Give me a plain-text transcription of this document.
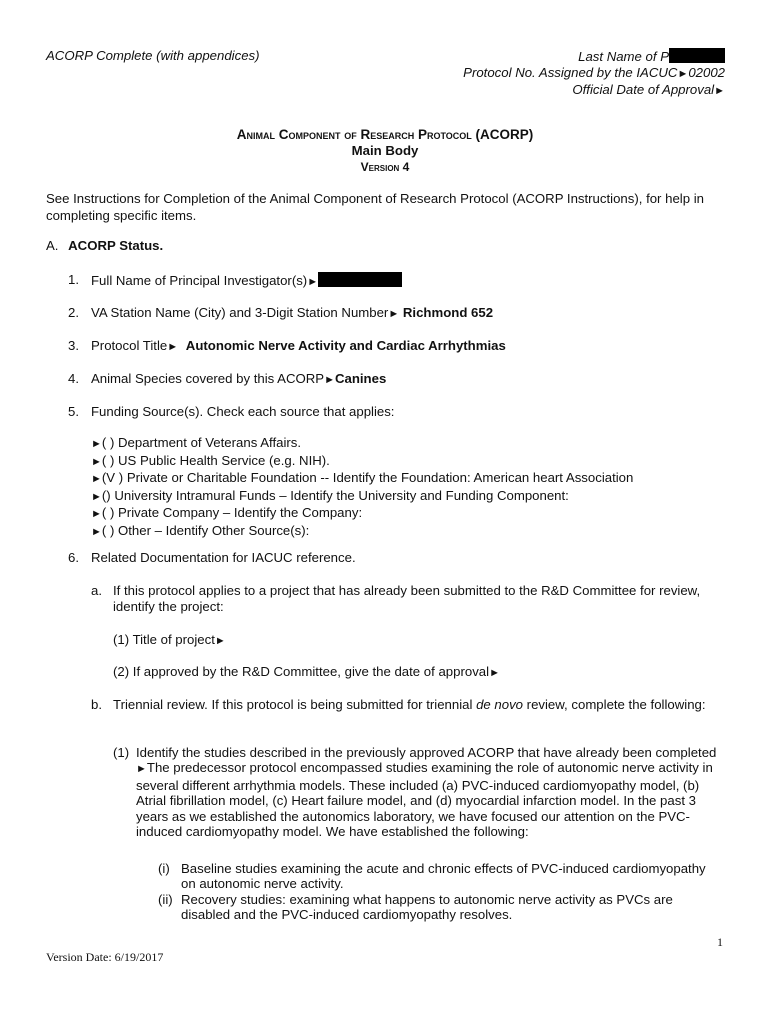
ACORP Complete (with appendices)	Last Name of P
Protocol No. Assigned by the IACUC►02002
Official Date of Approval►
Animal Component of Research Protocol (ACORP)
Main Body
Version 4
See Instructions for Completion of the Animal Component of Research Protocol (ACORP Instructions), for help in completing specific items.
A. ACORP Status.
1. Full Name of Principal Investigator(s)►
2. VA Station Name (City) and 3-Digit Station Number► Richmond 652
3. Protocol Title► Autonomic Nerve Activity and Cardiac Arrhythmias
4. Animal Species covered by this ACORP►Canines
5. Funding Source(s). Check each source that applies:
►( ) Department of Veterans Affairs.
►( ) US Public Health Service (e.g. NIH).
►(V ) Private or Charitable Foundation -- Identify the Foundation: American heart Association
►() University Intramural Funds – Identify the University and Funding Component:
►( ) Private Company – Identify the Company:
►( ) Other – Identify Other Source(s):
6. Related Documentation for IACUC reference.
a. If this protocol applies to a project that has already been submitted to the R&D Committee for review, identify the project:
(1) Title of project►
(2) If approved by the R&D Committee, give the date of approval►
b. Triennial review. If this protocol is being submitted for triennial de novo review, complete the following:
(1) Identify the studies described in the previously approved ACORP that have already been completed
►The predecessor protocol encompassed studies examining the role of autonomic nerve activity in several different arrhythmia models. These included (a) PVC-induced cardiomyopathy model, (b) Atrial fibrillation model, (c) Heart failure model, and (d) myocardial infarction model. In the past 3 years as we established the autonomics laboratory, we have focused our attention on the PVC-induced cardiomyopathy model. We have established the following:
(i) Baseline studies examining the acute and chronic effects of PVC-induced cardiomyopathy on autonomic nerve activity.
(ii) Recovery studies: examining what happens to autonomic nerve activity as PVCs are disabled and the PVC-induced cardiomyopathy resolves.
1
Version Date: 6/19/2017
